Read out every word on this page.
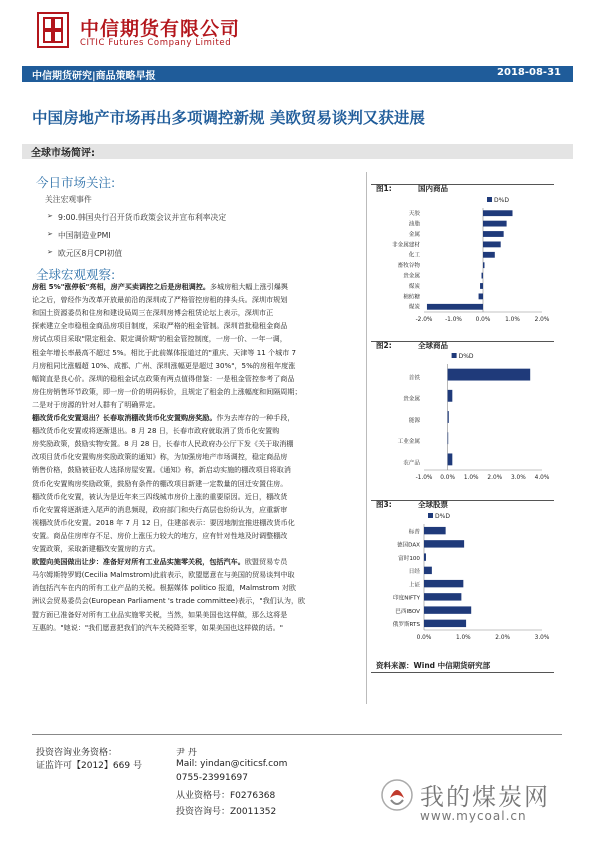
中信期货有限公司
CITIC Futures Company Limited
中信期货研究|商品策略早报	2018-08-31
中国房地产市场再出多项调控新规 美欧贸易谈判又获进展
全球市场简评:
今日市场关注:
关注宏观事件
➢ 9:00.韩国央行召开货币政策会议并宣布利率决定
➢ 中国制造业PMI
➢ 欧元区8月CPI初值
全球宏观观察:
房租 5%"涨停板"亮相，房产买卖调控之后是房租调控。多城房租大幅上涨引爆舆
论之后，曾经作为改革开放最前沿的深圳成了严格管控房租的排头兵。深圳市规划
和国土资源委员和住房和建设局周三在深圳房博会租赁论坛上表示，深圳市正
探索建立全市稳租金商品房项目制度，采取严格的租金管制。深圳首批稳租金商品
房试点项目采取"限定租金、限定调价期"的租金管控制度，一房一价、一年一调，
租金年增长率最高不超过 5%。相比于此前媒体报道过的"重庆、天津等 11 个城市 7
月房租同比涨幅超 10%、成都、广州、深圳涨幅更是超过 30%"，5%的房租年度涨
幅简直是良心价。深圳的稳租金试点政策有两点值得借鉴：一是租金管控参考了商品
房住房销售环节政策，即一房一价的明码标价，且规定了租金的上涨幅度和间隔周期；
二是对于房源的针对人群有了明确界定。
棚改货币化安置退出？长春取消棚改货币化安置购房奖励。作为去库存的一种手段，
棚改货币化安置或将逐渐退出。8 月 28 日，长春市政府就取消了货币化安置购
房奖励政策，鼓励实物安置。8 月 28 日，长春市人民政府办公厅下发《关于取消棚
改项目货币化安置购房奖励政策的通知》称，为加强房地产市场调控，稳定商品房
销售价格，鼓励被征收人选择房屋安置。《通知》称，新启动实施的棚改项目将取消
货币化安置购房奖励政策，鼓励有条件的棚改项目新建一定数量的回迁安置住房。
棚改货币化安置，被认为是近年来三四线城市房价上涨的重要原因。近日，棚改货
币化安置将逐渐进入尾声的消息频现，政府部门和央行高层也纷纷认为，应重新审
视棚改货币化安置。2018 年 7 月 12 日，住建部表示：要因地制宜推进棚改货币化
安置。商品住房库存不足、房价上涨压力较大的地方，应有针对性地及时调整棚改
安置政策，采取新建棚改安置房的方式。
欧盟向美国做出让步：准备好对所有工业品实施零关税，包括汽车。欧盟贸易专员
马尔姆斯特罗姆(Cecilia Malmstrom)此前表示，欧盟愿意在与美国的贸易谈判中取
消包括汽车在内的所有工业产品的关税。根据媒体 politico 报道，Malmstrom 对欧
洲议会贸易委员会(European Parliament 's trade committee)表示，"我们认为，欧
盟方面已准备好对所有工业品实施零关税，当然，如果美国也这样做，那么这将是
互惠的。"她说："我们愿意把我们的汽车关税降至零，如果美国也这样做的话。"
图1:	国内商品
D%D
天胶
油脂
金属
非金属建材
化工
畜牧谷物
贵金属
煤炭
棉纺糖
煤炭
-2.0% -1.0% 0.0%	1.0%	2.0%
图2:	全球商品
D%D
首铁
贵金属
能源
工业金属
农产品
-1.0% 0.0% 1.0% 2.0% 3.0% 4.0%
图3:	全球股票
D%D
标普
德国DAX
富时100
日经
上证
印度NIFTY
巴西IBOV
俄罗斯RTS
0.0%	1.0%	2.0%	3.0%
资料来源：Wind 中信期货研究部
投资咨询业务资格：
证监许可【2012】669 号
尹 丹
Mail: yindan@citicsf.com
0755-23991697
从业资格号：F0276368
投资咨询号：Z0011352
我的煤炭网
www.mycoal.cn
